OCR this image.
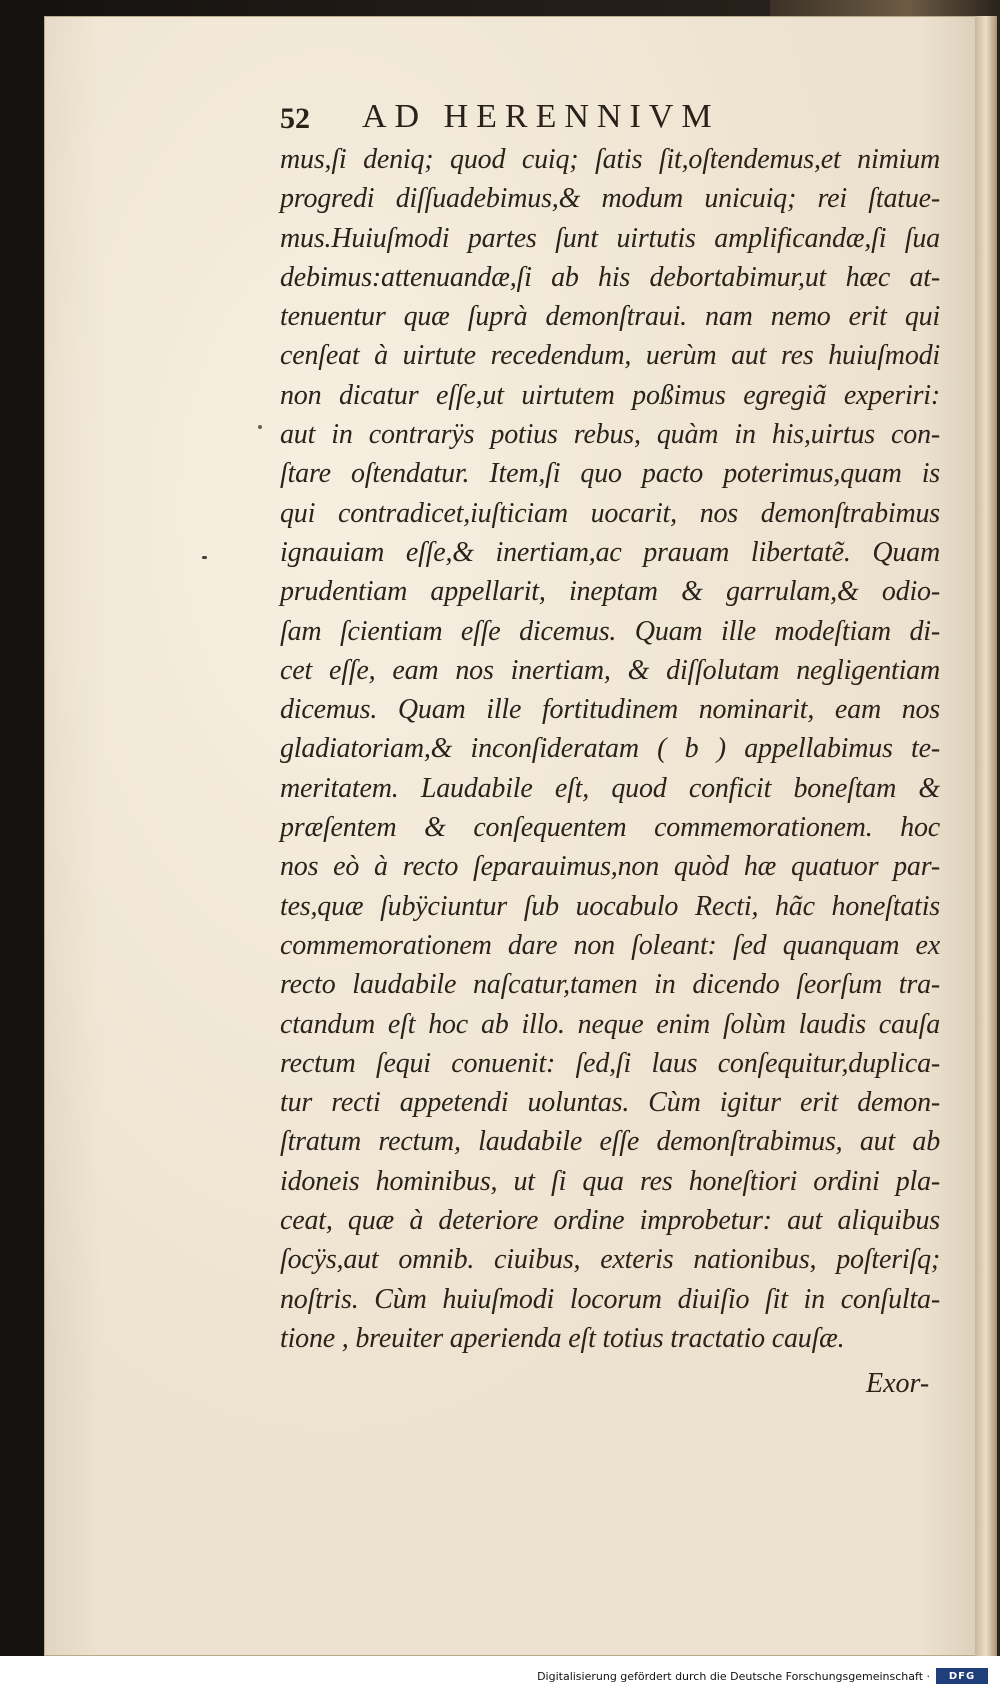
52 AD HERENNIVM
mus,ſi deniq; quod cuiq; ſatis ſit,oſtendemus,et nimium
progredi diſſuadebimus,& modum unicuiq; rei ſtatue-
mus.Huiuſmodi partes ſunt uirtutis amplificandæ,ſi ſua
debimus:attenuandæ,ſi ab his debortabimur,ut hæc at-
tenuentur quæ ſuprà demonſtraui. nam nemo erit qui
cenſeat à uirtute recedendum, uerùm aut res huiuſmodi
non dicatur eſſe,ut uirtutem poßimus egregiã experiri:
aut in contrarÿs potius rebus, quàm in his,uirtus con-
ſtare oſtendatur. Item,ſi quo pacto poterimus,quam is
qui contradicet,iuſticiam uocarit, nos demonſtrabimus
ignauiam eſſe,& inertiam,ac prauam libertatẽ. Quam
prudentiam appellarit, ineptam & garrulam,& odio-
ſam ſcientiam eſſe dicemus. Quam ille modeſtiam di-
cet eſſe, eam nos inertiam, & diſſolutam negligentiam
dicemus. Quam ille fortitudinem nominarit, eam nos
gladiatoriam,& inconſideratam ( b ) appellabimus te-
meritatem. Laudabile eſt, quod conficit boneſtam &
præſentem & conſequentem commemorationem. hoc
nos eò à recto ſeparauimus,non quòd hæ quatuor par-
tes,quæ ſubÿciuntur ſub uocabulo Recti, hãc honeſtatis
commemorationem dare non ſoleant: ſed quanquam ex
recto laudabile naſcatur,tamen in dicendo ſeorſum tra-
ctandum eſt hoc ab illo. neque enim ſolùm laudis cauſa
rectum ſequi conuenit: ſed,ſi laus conſequitur,duplica-
tur recti appetendi uoluntas. Cùm igitur erit demon-
ſtratum rectum, laudabile eſſe demonſtrabimus, aut ab
idoneis hominibus, ut ſi qua res honeſtiori ordini pla-
ceat, quæ à deteriore ordine improbetur: aut aliquibus
ſocÿs,aut omnib. ciuibus, exteris nationibus, poſteriſq;
noſtris. Cùm huiuſmodi locorum diuiſio ſit in conſulta-
tione , breuiter aperienda eſt totius tractatio cauſæ.
Exor-
Digitalisierung gefördert durch die Deutsche Forschungsgemeinschaft ·	DFG
